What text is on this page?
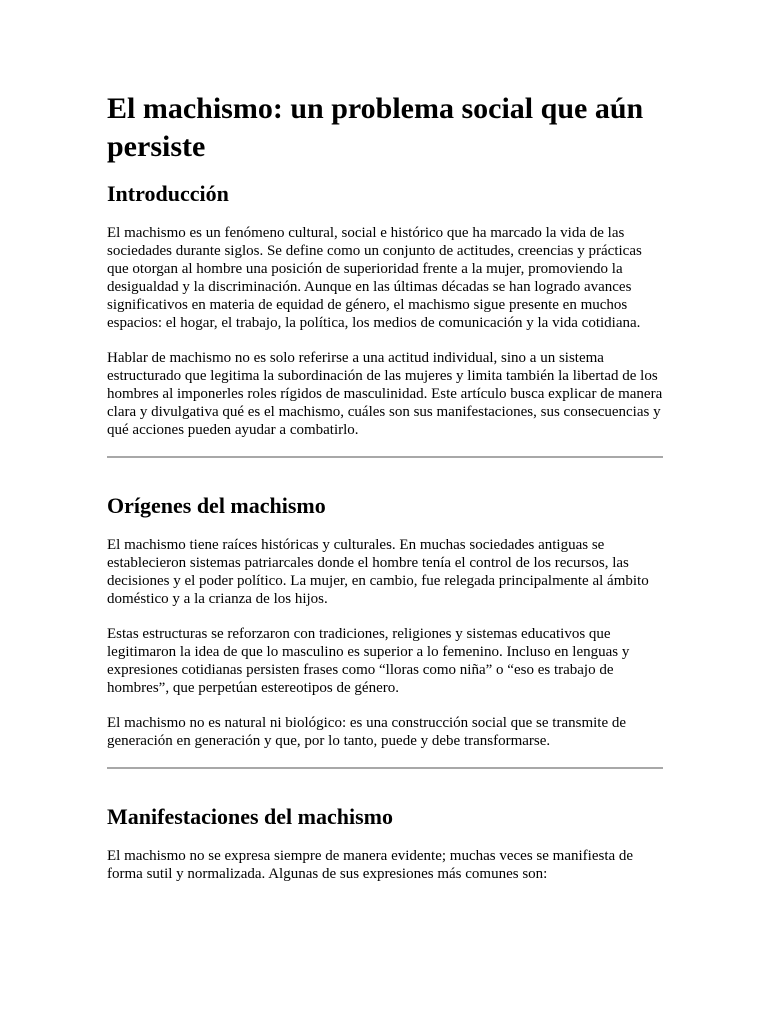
El machismo: un problema social que aún persiste
Introducción

El machismo es un fenómeno cultural, social e histórico que ha marcado la vida de las sociedades durante siglos. Se define como un conjunto de actitudes, creencias y prácticas que otorgan al hombre una posición de superioridad frente a la mujer, promoviendo la desigualdad y la discriminación. Aunque en las últimas décadas se han logrado avances significativos en materia de equidad de género, el machismo sigue presente en muchos espacios: el hogar, el trabajo, la política, los medios de comunicación y la vida cotidiana.

Hablar de machismo no es solo referirse a una actitud individual, sino a un sistema estructurado que legitima la subordinación de las mujeres y limita también la libertad de los hombres al imponerles roles rígidos de masculinidad. Este artículo busca explicar de manera clara y divulgativa qué es el machismo, cuáles son sus manifestaciones, sus consecuencias y qué acciones pueden ayudar a combatirlo.

Orígenes del machismo

El machismo tiene raíces históricas y culturales. En muchas sociedades antiguas se establecieron sistemas patriarcales donde el hombre tenía el control de los recursos, las decisiones y el poder político. La mujer, en cambio, fue relegada principalmente al ámbito doméstico y a la crianza de los hijos.

Estas estructuras se reforzaron con tradiciones, religiones y sistemas educativos que legitimaron la idea de que lo masculino es superior a lo femenino. Incluso en lenguas y expresiones cotidianas persisten frases como “lloras como niña” o “eso es trabajo de hombres”, que perpetúan estereotipos de género.

El machismo no es natural ni biológico: es una construcción social que se transmite de generación en generación y que, por lo tanto, puede y debe transformarse.

Manifestaciones del machismo

El machismo no se expresa siempre de manera evidente; muchas veces se manifiesta de forma sutil y normalizada. Algunas de sus expresiones más comunes son:
